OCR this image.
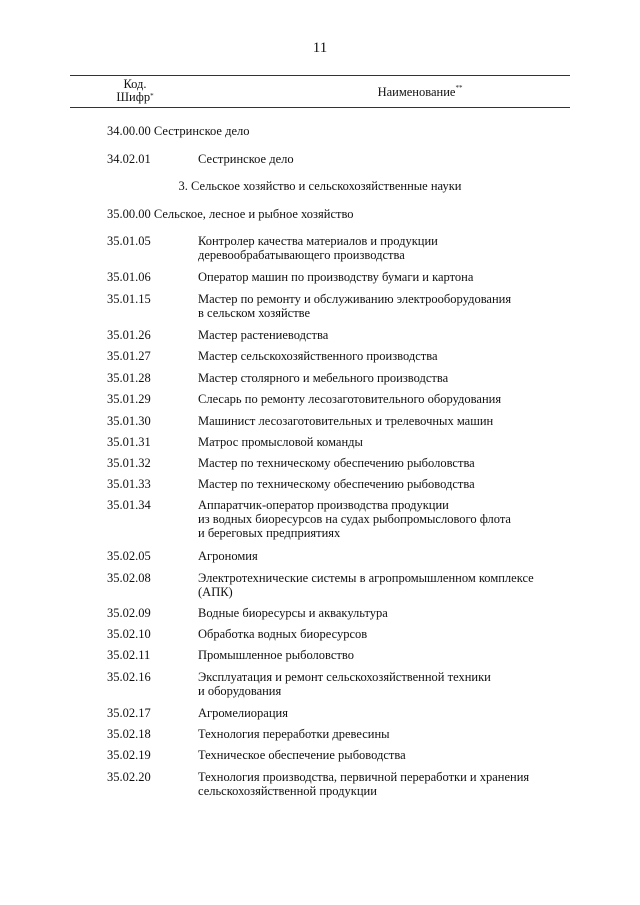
11
Код.
Шифр*	Наименование**
34.00.00 Сестринское дело
34.02.01	Сестринское дело
3. Сельское хозяйство и сельскохозяйственные науки
35.00.00 Сельское, лесное и рыбное хозяйство
35.01.05	Контролер качества материалов и продукции
деревообрабатывающего производства
35.01.06	Оператор машин по производству бумаги и картона
35.01.15	Мастер по ремонту и обслуживанию электрооборудования
в сельском хозяйстве
35.01.26	Мастер растениеводства
35.01.27	Мастер сельскохозяйственного производства
35.01.28	Мастер столярного и мебельного производства
35.01.29	Слесарь по ремонту лесозаготовительного оборудования
35.01.30	Машинист лесозаготовительных и трелевочных машин
35.01.31	Матрос промысловой команды
35.01.32	Мастер по техническому обеспечению рыболовства
35.01.33	Мастер по техническому обеспечению рыбоводства
35.01.34	Аппаратчик-оператор производства продукции
из водных биоресурсов на судах рыбопромыслового флота
и береговых предприятиях
35.02.05	Агрономия
35.02.08	Электротехнические системы в агропромышленном комплексе
(АПК)
35.02.09	Водные биоресурсы и аквакультура
35.02.10	Обработка водных биоресурсов
35.02.11	Промышленное рыболовство
35.02.16	Эксплуатация и ремонт сельскохозяйственной техники
и оборудования
35.02.17	Агромелиорация
35.02.18	Технология переработки древесины
35.02.19	Техническое обеспечение рыбоводства
35.02.20	Технология производства, первичной переработки и хранения
сельскохозяйственной продукции
